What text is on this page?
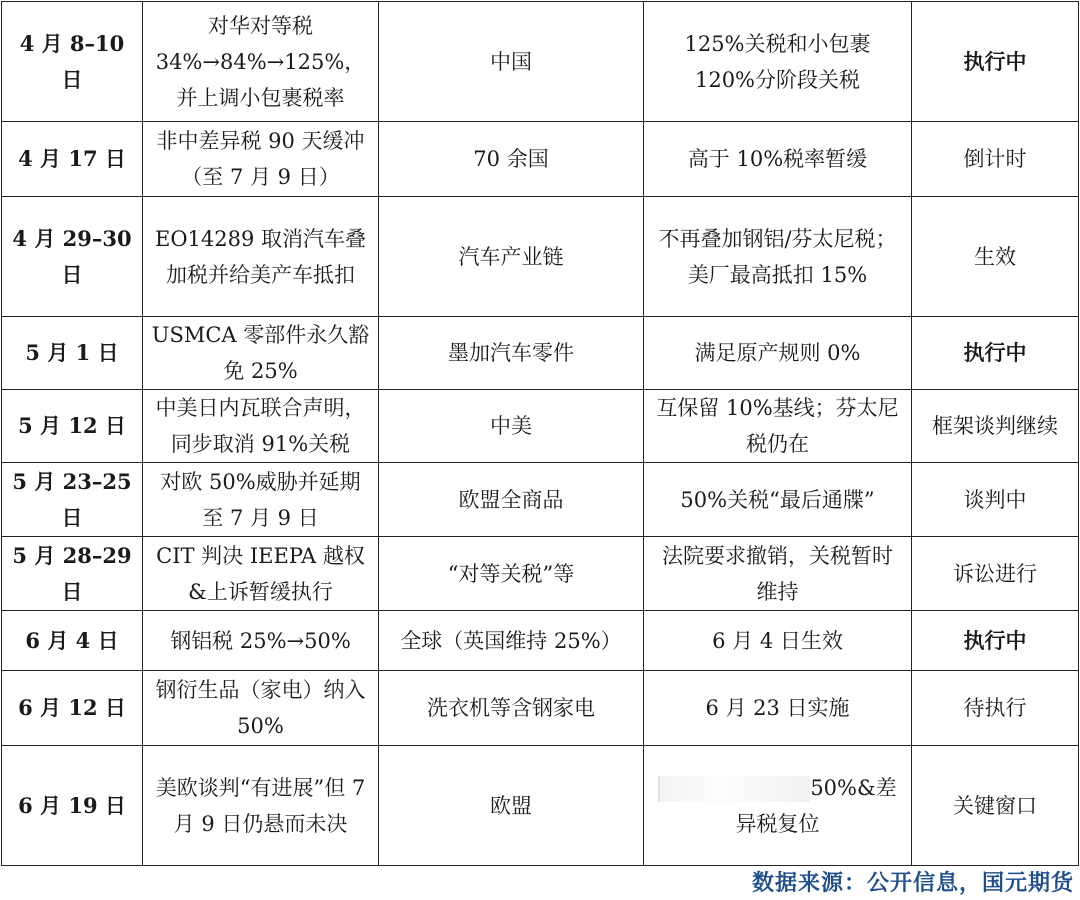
4 月 8–10 日	对华对等税 34%→84%→125%，并上调小包裹税率	中国	125%关税和小包裹 120%分阶段关税	执行中
4 月 17 日	非中差异税 90 天缓冲（至 7 月 9 日）	70 余国	高于 10%税率暂缓	倒计时
4 月 29–30 日	EO14289 取消汽车叠加税并给美产车抵扣	汽车产业链	不再叠加钢铝/芬太尼税；美厂最高抵扣 15%	生效
5 月 1 日	USMCA 零部件永久豁免 25%	墨加汽车零件	满足原产规则 0%	执行中
5 月 12 日	中美日内瓦联合声明，同步取消 91%关税	中美	互保留 10%基线；芬太尼税仍在	框架谈判继续
5 月 23–25 日	对欧 50%威胁并延期至 7 月 9 日	欧盟全商品	50%关税“最后通牒”	谈判中
5 月 28–29 日	CIT 判决 IEEPA 越权&上诉暂缓执行	“对等关税”等	法院要求撤销，关税暂时维持	诉讼进行
6 月 4 日	钢铝税 25%→50%	全球（英国维持 25%）	6 月 4 日生效	执行中
6 月 12 日	钢衍生品（家电）纳入 50%	洗衣机等含钢家电	6 月 23 日实施	待执行
6 月 19 日	美欧谈判“有进展”但 7 月 9 日仍悬而未决	欧盟	50%&差异税复位	关键窗口
数据来源：公开信息，国元期货
